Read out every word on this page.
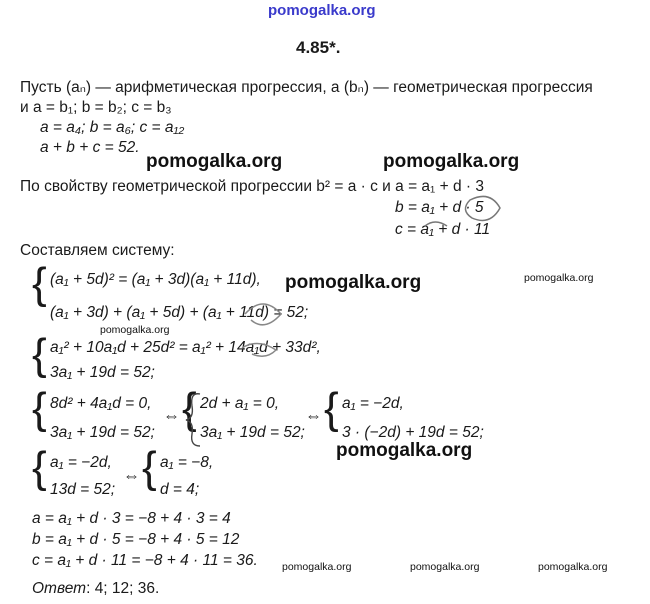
pomogalka.org
pomogalka.org	pomogalka.org
pomogalka.org
pomogalka.org
pomogalka.org
pomogalka.org
pomogalka.org	pomogalka.org	pomogalka.org
4.85*.
Пусть (aₙ) — арифметическая прогрессия, а (bₙ) — геометрическая прогрессия
и a = b₁; b = b₂; c = b₃
a = a₄; b = a₆; c = a₁₂
a + b + c = 52.
По свойству геометрической прогрессии b² = a · c и a = a₁ + d · 3
b = a₁ + d · 5
c = a₁ + d · 11
Составляем систему:
{ (a₁ + 5d)² = (a₁ + 3d)(a₁ + 11d),
(a₁ + 3d) + (a₁ + 5d) + (a₁ + 11d) = 52;
{ a₁² + 10a₁d + 25d² = a₁² + 14a₁d + 33d²,
3a₁ + 19d = 52;
{ 8d² + 4a₁d = 0,
3a₁ + 19d = 52;
⇔ { 2d + a₁ = 0,
3a₁ + 19d = 52;
⇔ { a₁ = −2d,
3 · (−2d) + 19d = 52;
{ a₁ = −2d,
13d = 52;
⇔ { a₁ = −8,
d = 4;
a = a₁ + d · 3 = −8 + 4 · 3 = 4
b = a₁ + d · 5 = −8 + 4 · 5 = 12
c = a₁ + d · 11 = −8 + 4 · 11 = 36.
Ответ: 4; 12; 36.
